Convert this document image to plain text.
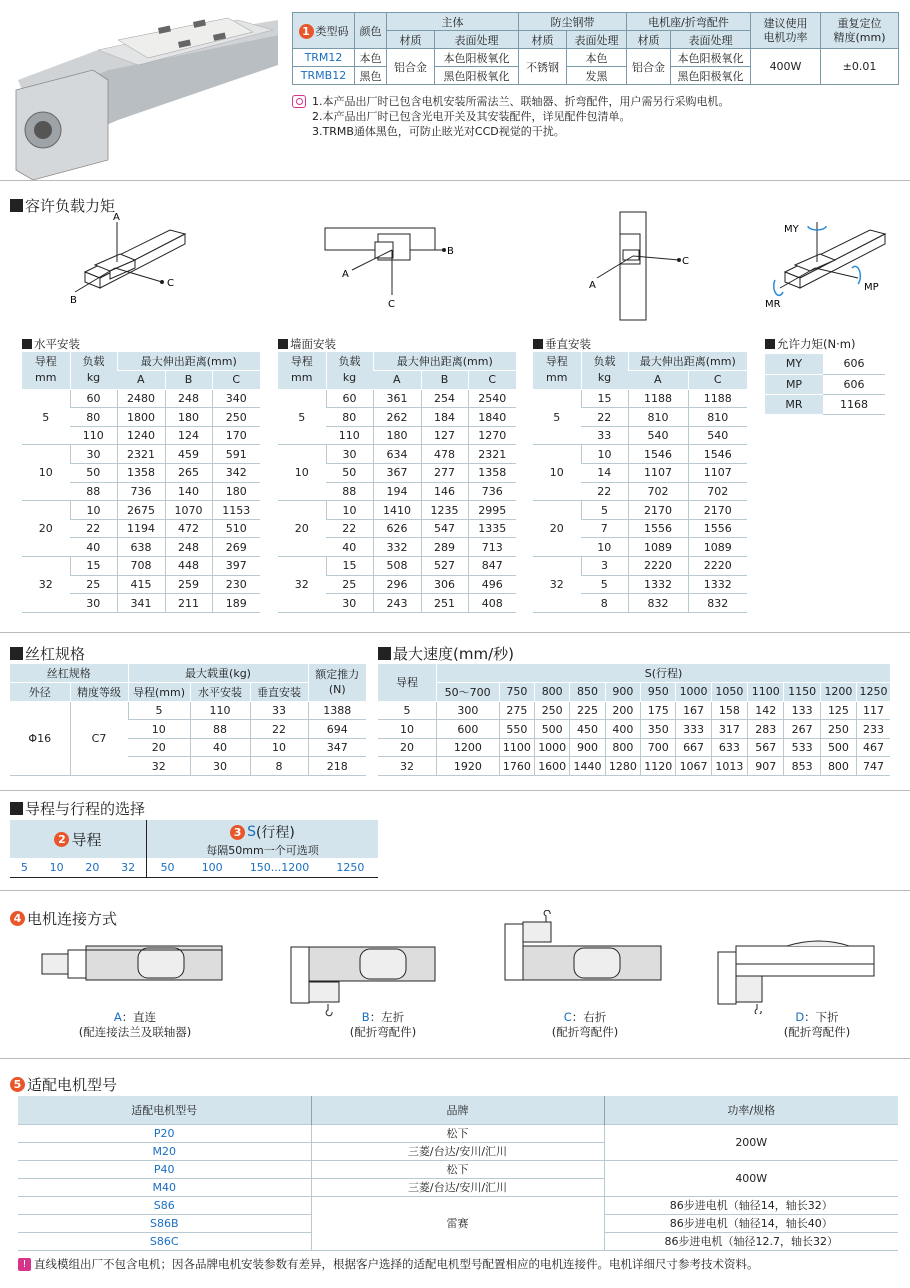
1 类型码	颜色	主体		防尘钢带		电机座/折弯配件		建议使用
电机功率	重复定位
精度(mm)
		材质	表面处理	材质	表面处理	材质	表面处理		
TRM12	本色	铝合金	本色阳极氧化	不锈钢	本色	铝合金	本色阳极氧化	400W	±0.01
TRMB12	黑色		黑色阳极氧化		发黑		黑色阳极氧化		
1.本产品出厂时已包含电机安装所需法兰、联轴器、折弯配件，用户需另行采购电机。
2.本产品出厂时已包含光电开关及其安装配件，详见配件包清单。
3.TRMB通体黑色，可防止眩光对CCD视觉的干扰。
容许负载力矩
A
B
C
B
C
A
C
A
MY
MP
MR
水平安装	墙面安装	垂直安装	允许力矩(N·m)
导程
mm	负载
kg	最大伸出距离(mm)		
		A	B	C
5	60	2480	248	340
	80	1800	180	250
	110	1240	124	170
10	30	2321	459	591
	50	1358	265	342
	88	736	140	180
20	10	2675	1070	1153
	22	1194	472	510
	40	638	248	269
32	15	708	448	397
	25	415	259	230
	30	341	211	189
导程
mm	负载
kg	最大伸出距离(mm)		
		A	B	C
5	60	361	254	2540
	80	262	184	1840
	110	180	127	1270
10	30	634	478	2321
	50	367	277	1358
	88	194	146	736
20	10	1410	1235	2995
	22	626	547	1335
	40	332	289	713
32	15	508	527	847
	25	296	306	496
	30	243	251	408
导程
mm	负载
kg	最大伸出距离(mm)	
		A	C
5	15	1188	1188
	22	810	810
	33	540	540
10	10	1546	1546
	14	1107	1107
	22	702	702
20	5	2170	2170
	7	1556	1556
	10	1089	1089
32	3	2220	2220
	5	1332	1332
	8	832	832
MY	606
MP	606
MR	1168
丝杠规格
丝杠规格		最大载重(kg)			额定推力
(N)
外径	精度等级	导程(mm)	水平安装	垂直安装	
Φ16	C7	5	110	33	1388
		10	88	22	694
		20	40	10	347
		32	30	8	218
最大速度(mm/秒)
导程	S(行程)											
	50～700	750	800	850	900	950	1000	1050	1100	1150	1200	1250
5	300	275	250	225	200	175	167	158	142	133	125	117
10	600	550	500	450	400	350	333	317	283	267	250	233
20	1200	1100	1000	900	800	700	667	633	567	533	500	467
32	1920	1760	1600	1440	1280	1120	1067	1013	907	853	800	747
导程与行程的选择
2 导程	3 S (行程)
每隔50mm一个可选项
5 10 20 32 50 100 150...1200 1250
4 电机连接方式
A：直连
(配连接法兰及联轴器)
B：左折
(配折弯配件)
C：右折
(配折弯配件)
D：下折
(配折弯配件)
5 适配电机型号
适配电机型号	品牌	功率/规格
P20	松下	200W
M20	三菱/台达/安川/汇川	
P40	松下	400W
M40	三菱/台达/安川/汇川	
S86	雷赛	86步进电机（轴径14，轴长32）
S86B		86步进电机（轴径14，轴长40）
S86C		86步进电机（轴径12.7，轴长32）
! 直线模组出厂不包含电机；因各品牌电机安装参数有差异，根据客户选择的适配电机型号配置相应的电机连接件。电机详细尺寸参考技术资料。
